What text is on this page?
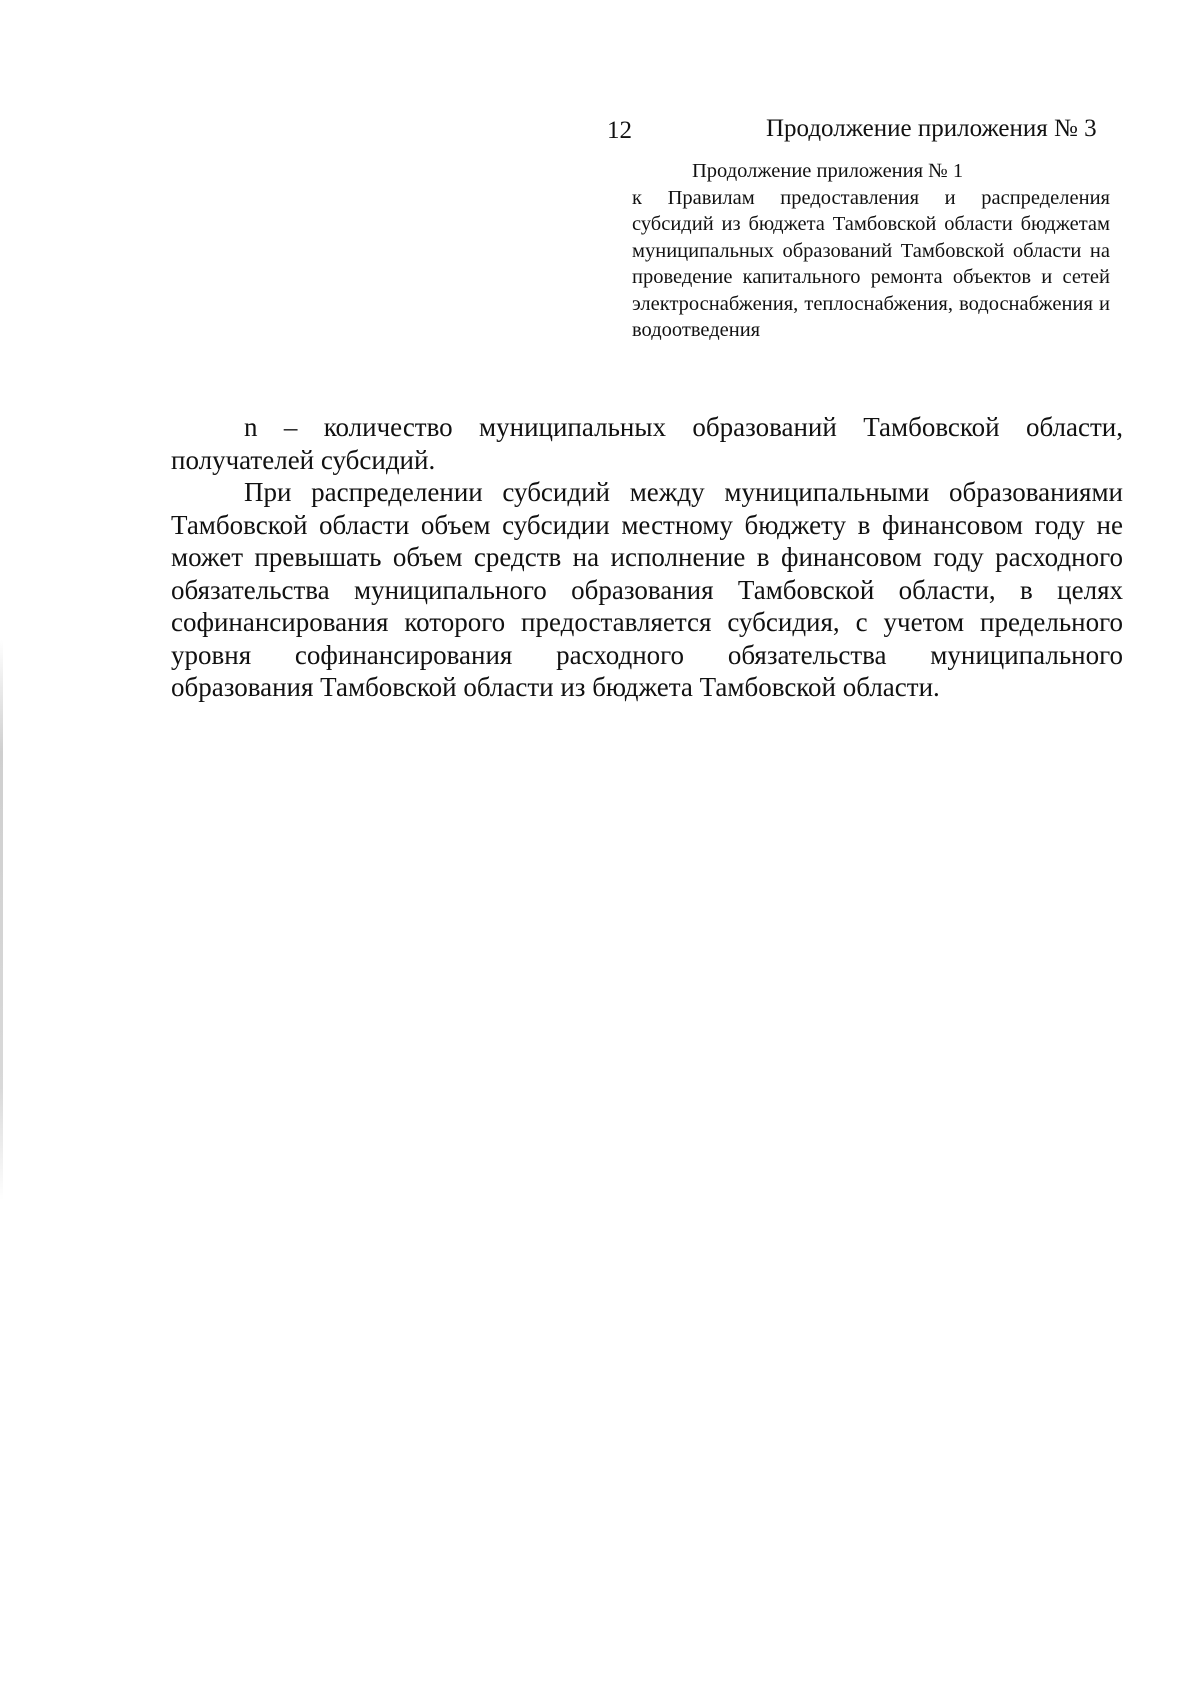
12	Продолжение приложения № 3

Продолжение приложения № 1

к Правилам предоставления и распределения субсидий из бюджета Тамбовской области бюджетам муниципальных образований Тамбовской области на проведение капитального ремонта объектов и сетей электроснабжения, теплоснабжения, водоснабжения и водоотведения

n – количество муниципальных образований Тамбовской области, получателей субсидий.

При распределении субсидий между муниципальными образованиями Тамбовской области объем субсидии местному бюджету в финансовом году не может превышать объем средств на исполнение в финансовом году расходного обязательства муниципального образования Тамбовской области, в целях софинансирования которого предоставляется субсидия, с учетом предельного уровня софинансирования расходного обязательства муниципального образования Тамбовской области из бюджета Тамбовской области.
